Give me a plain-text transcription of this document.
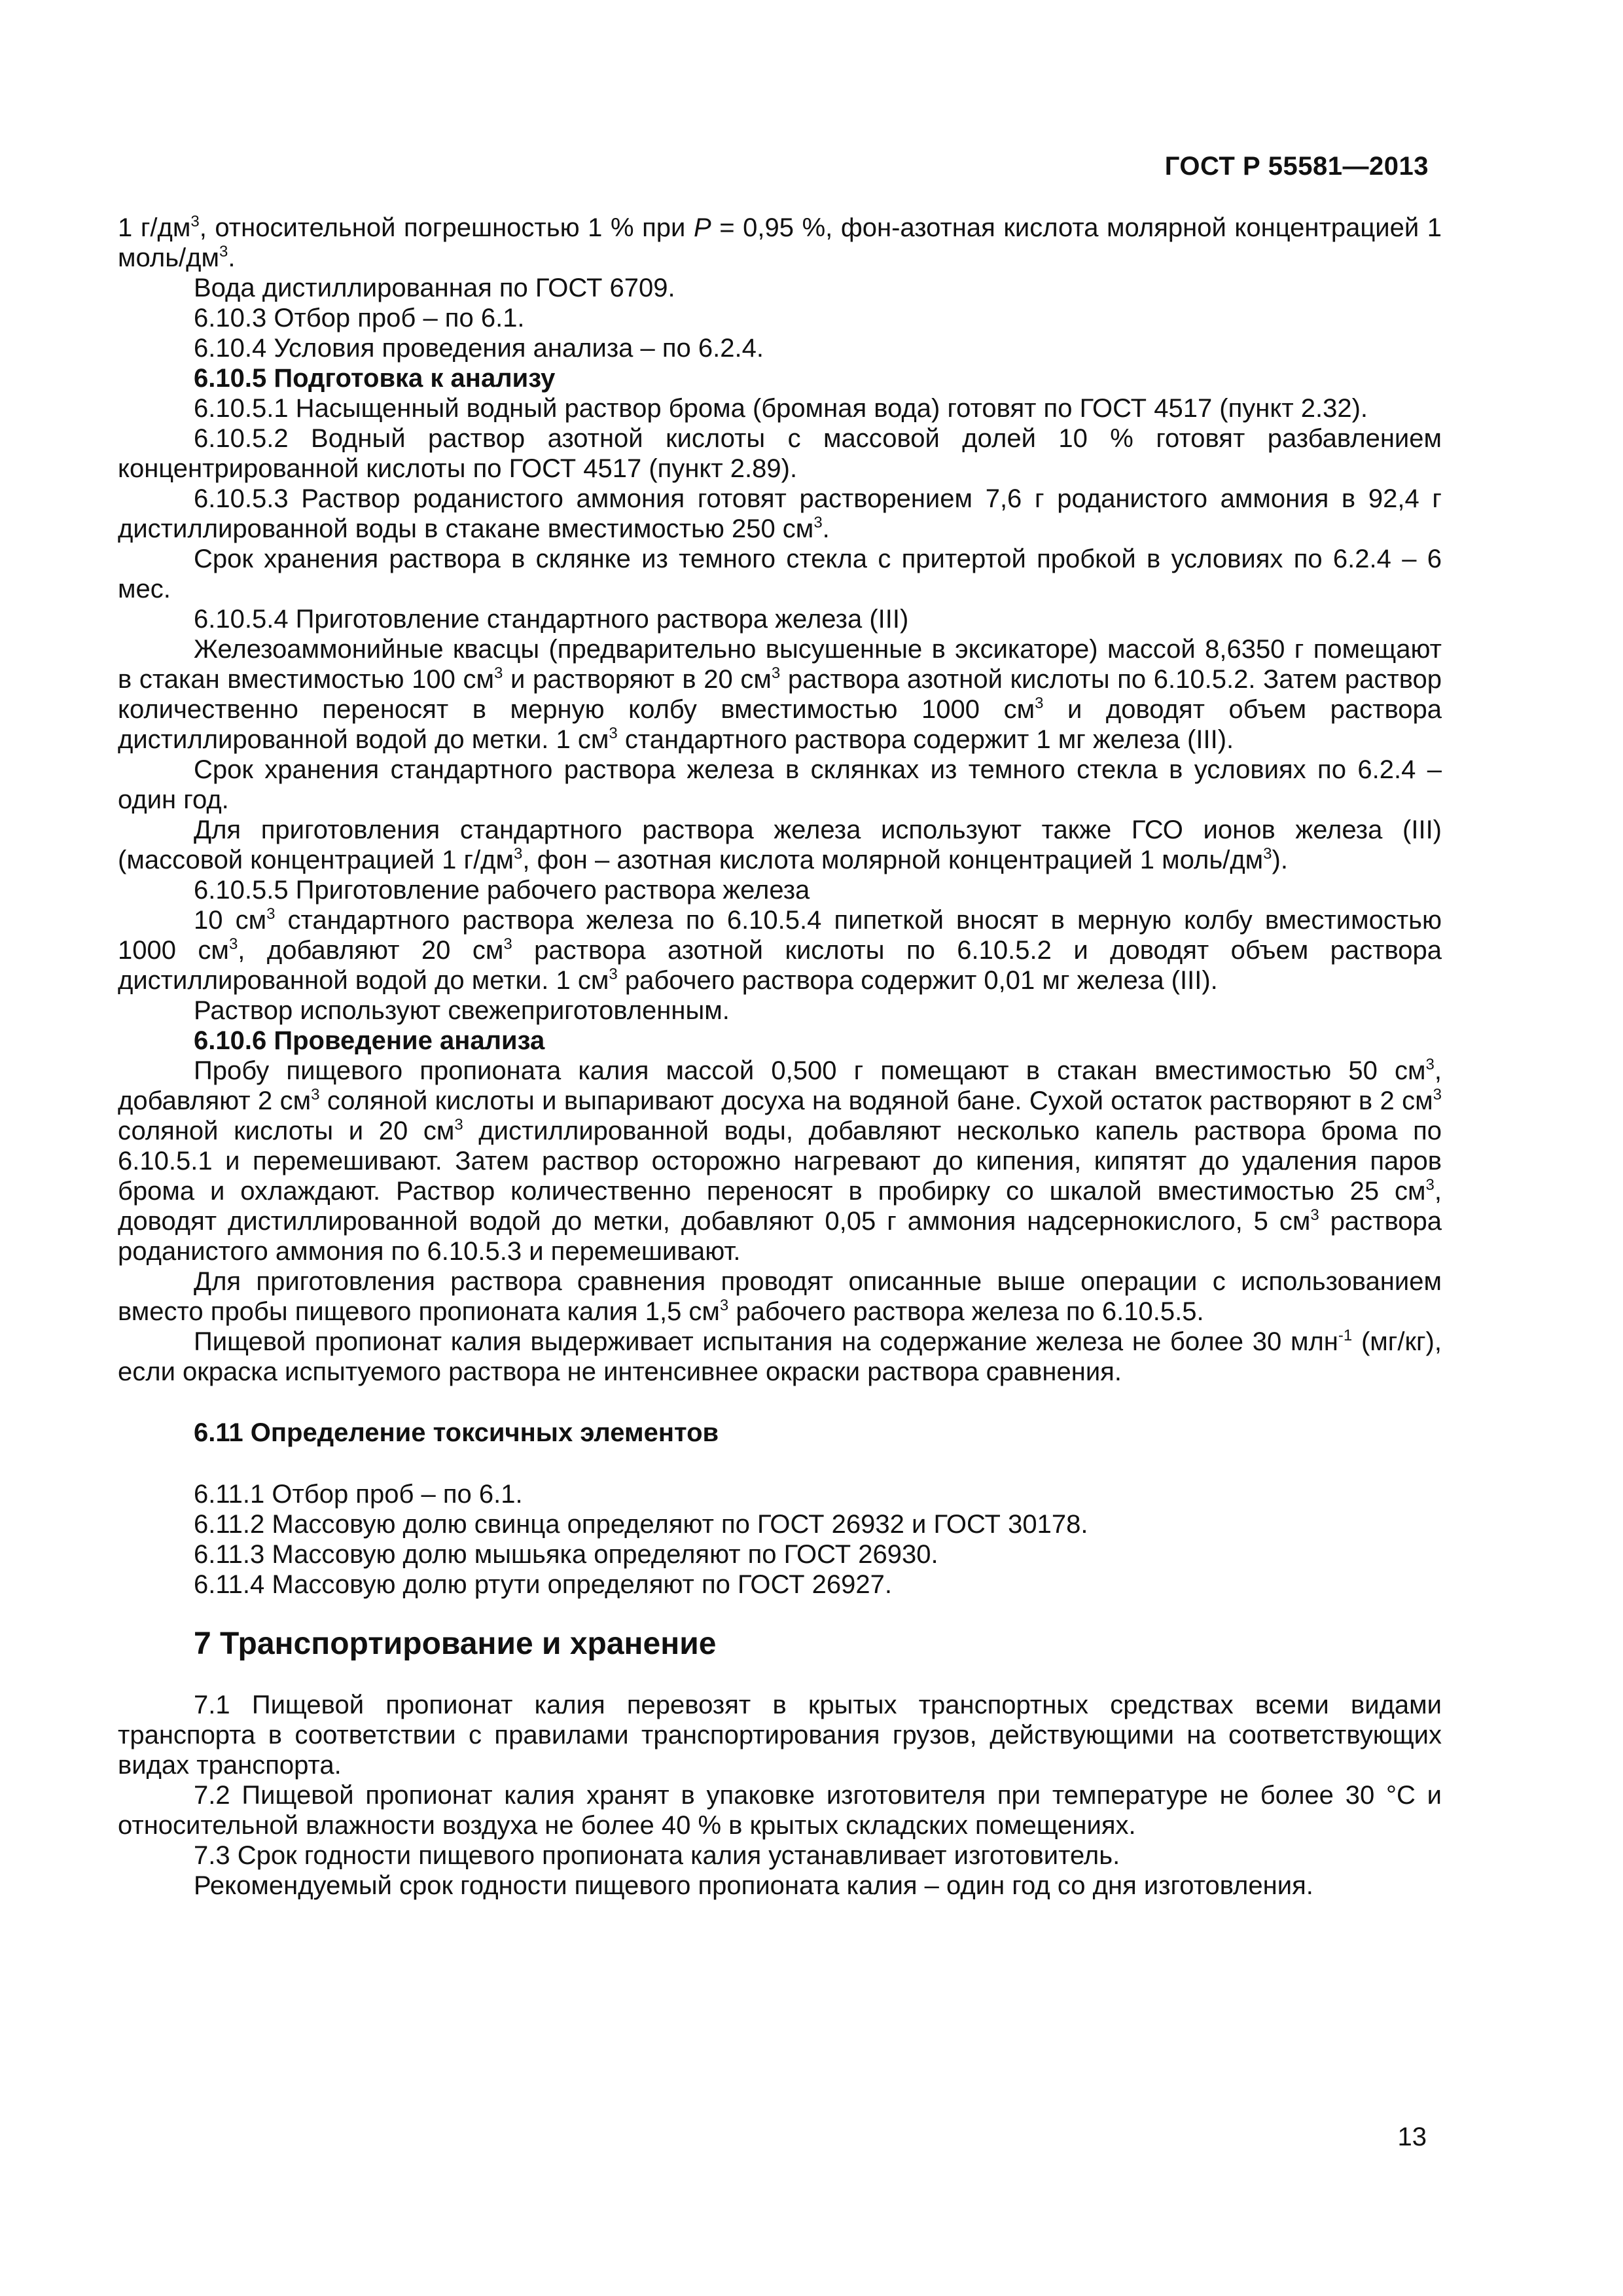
ГОСТ Р 55581—2013

1 $г/дм^3$, относительной погрешностью 1 % при P = 0,95 %, фон-азотная кислота молярной концентрацией 1 моль/$дм^3$.

Вода дистиллированная по ГОСТ 6709.

6.10.3 Отбор проб – по 6.1.

6.10.4 Условия проведения анализа – по 6.2.4.

6.10.5 Подготовка к анализу

6.10.5.1 Насыщенный водный раствор брома (бромная вода) готовят по ГОСТ 4517 (пункт 2.32).

6.10.5.2 Водный раствор азотной кислоты с массовой долей 10 % готовят разбавлением концентрированной кислоты по ГОСТ 4517 (пункт 2.89).

6.10.5.3 Раствор роданистого аммония готовят растворением 7,6 г роданистого аммония в 92,4 г дистиллированной воды в стакане вместимостью 250 $см^3$.

Срок хранения раствора в склянке из темного стекла с притертой пробкой в условиях по 6.2.4 – 6 мес.

6.10.5.4 Приготовление стандартного раствора железа (III)

Железоаммонийные квасцы (предварительно высушенные в эксикаторе) массой 8,6350 г помещают в стакан вместимостью 100 $см^3$ и растворяют в 20 $см^3$ раствора азотной кислоты по 6.10.5.2. Затем раствор количественно переносят в мерную колбу вместимостью 1000 $см^3$ и доводят объем раствора дистиллированной водой до метки. 1 $см^3$ стандартного раствора содержит 1 мг железа (III).

Срок хранения стандартного раствора железа в склянках из темного стекла в условиях по 6.2.4 – один год.

Для приготовления стандартного раствора железа используют также ГСО ионов железа (III) (массовой концентрацией 1 $г/дм^3$, фон – азотная кислота молярной концентрацией 1 моль/$дм^3$).

6.10.5.5 Приготовление рабочего раствора железа

10 $см^3$ стандартного раствора железа по 6.10.5.4 пипеткой вносят в мерную колбу вместимостью 1000 $см^3$, добавляют 20 $см^3$ раствора азотной кислоты по 6.10.5.2 и доводят объем раствора дистиллированной водой до метки. 1 $см^3$ рабочего раствора содержит 0,01 мг железа (III).

Раствор используют свежеприготовленным.

6.10.6 Проведение анализа

Пробу пищевого пропионата калия массой 0,500 г помещают в стакан вместимостью 50 $см^3$, добавляют 2 $см^3$ соляной кислоты и выпаривают досуха на водяной бане. Сухой остаток растворяют в 2 $см^3$ соляной кислоты и 20 $см^3$ дистиллированной воды, добавляют несколько капель раствора брома по 6.10.5.1 и перемешивают. Затем раствор осторожно нагревают до кипения, кипятят до удаления паров брома и охлаждают. Раствор количественно переносят в пробирку со шкалой вместимостью 25 $см^3$, доводят дистиллированной водой до метки, добавляют 0,05 г аммония надсернокислого, 5 $см^3$ раствора роданистого аммония по 6.10.5.3 и перемешивают.

Для приготовления раствора сравнения проводят описанные выше операции с использованием вместо пробы пищевого пропионата калия 1,5 $см^3$ рабочего раствора железа по 6.10.5.5.

Пищевой пропионат калия выдерживает испытания на содержание железа не более 30 млн$^{-1}$ (мг/кг), если окраска испытуемого раствора не интенсивнее окраски раствора сравнения.

6.11 Определение токсичных элементов

6.11.1 Отбор проб – по 6.1.

6.11.2 Массовую долю свинца определяют по ГОСТ 26932 и ГОСТ 30178.

6.11.3 Массовую долю мышьяка определяют по ГОСТ 26930.

6.11.4 Массовую долю ртути определяют по ГОСТ 26927.

7 Транспортирование и хранение

7.1 Пищевой пропионат калия перевозят в крытых транспортных средствах всеми видами транспорта в соответствии с правилами транспортирования грузов, действующими на соответствующих видах транспорта.

7.2 Пищевой пропионат калия хранят в упаковке изготовителя при температуре не более 30 °С и относительной влажности воздуха не более 40 % в крытых складских помещениях.

7.3 Срок годности пищевого пропионата калия устанавливает изготовитель.

Рекомендуемый срок годности пищевого пропионата калия – один год со дня изготовления.

13
